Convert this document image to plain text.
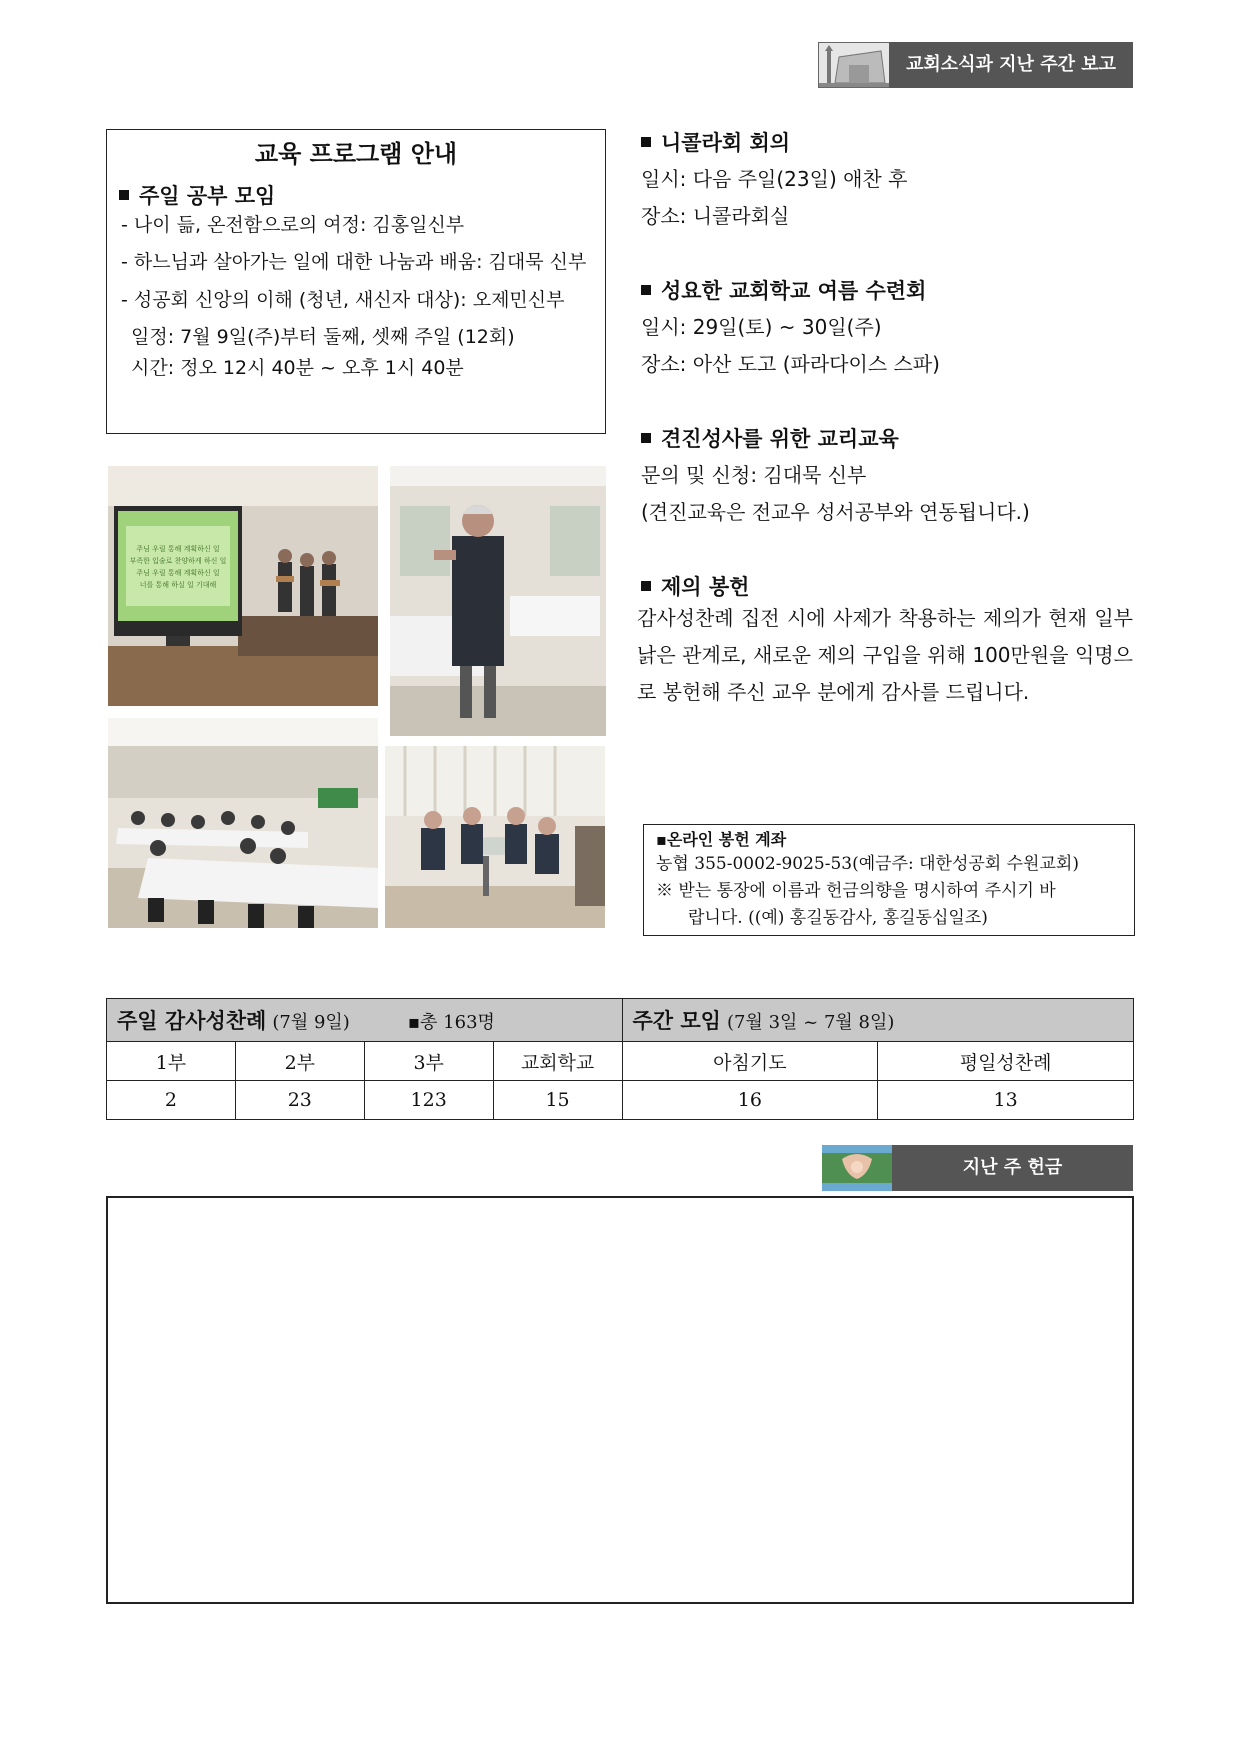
교회소식과 지난 주간 보고
교육 프로그램 안내
주일 공부 모임
- 나이 듦, 온전함으로의 여정: 김홍일신부
- 하느님과 살아가는 일에 대한 나눔과 배움: 김대묵 신부
- 성공회 신앙의 이해 (청년, 새신자 대상): 오제민신부
일정: 7월 9일(주)부터 둘째, 셋째 주일 (12회)
시간: 정오 12시 40분 ~ 오후 1시 40분
주님 우릴 통해 계획하신 일
부족한 입술로 찬양하게 하신 일
주님 우릴 통해 계획하신 일
너를 통해 하실 일 기대해
니콜라회 회의
일시: 다음 주일(23일) 애찬 후
장소: 니콜라회실
성요한 교회학교 여름 수련회
일시: 29일(토) ~ 30일(주)
장소: 아산 도고 (파라다이스 스파)
견진성사를 위한 교리교육
문의 및 신청: 김대묵 신부
(견진교육은 전교우 성서공부와 연동됩니다.)
제의 봉헌
감사성찬례 집전 시에 사제가 착용하는 제의가 현재 일부 낡은 관계로, 새로운 제의 구입을 위해 100만원을 익명으로 봉헌해 주신 교우 분에게 감사를 드립니다.
▪온라인 봉헌 계좌
농협 355-0002-9025-53(예금주: 대한성공회 수원교회)
※ 받는 통장에 이름과 헌금의향을 명시하여 주시기 바
랍니다. ((예) 홍길동감사, 홍길동십일조)
주일 감사성찬례 (7월 9일) ▪총 163명				주간 모임 (7월 3일 ~ 7월 8일)	
1부	2부	3부	교회학교	아침기도	평일성찬례
2	23	123	15	16	13
지난 주 헌금
